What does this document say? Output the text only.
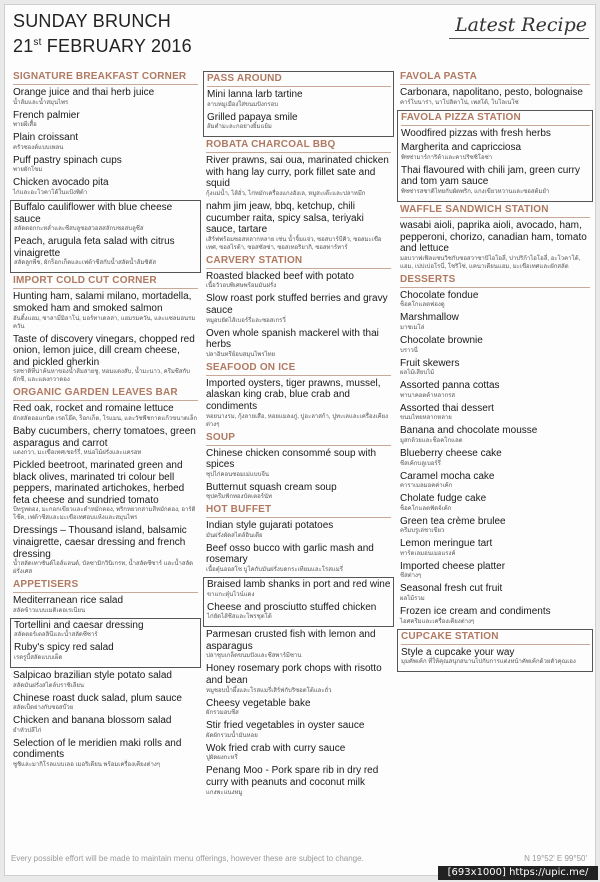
SUNDAY BRUNCH
21st FEBRUARY 2016
Latest Recipe
SIGNATURE BREAKFAST CORNER
Orange juice and thai herb juice
น้ำส้มและน้ำสมุนไพร
French palmier
พายผีเสื้อ
Plain croissant
ครัวซองต์แบบเพลน
Puff pastry spinach cups
พายผักโขม
Chicken avocado pita
ไก่และอะโวคาโด้ในแป้งพิต้า
Buffalo cauliflower with blue cheese sauce
สลัดดอกกะหล่ำและซีสบลูชอสวอสสลักบชอสบลูชีส
Peach, arugula feta salad with citrus vinaigrette
สลัดลูกพีช, ผักร็อกเก็ตและเฟต้าชีสกับน้ำสลัดน้ำส้มซิตัส
IMPORT COLD CUT CORNER
Hunting ham, salami milano, mortadella, smoked ham and smoked salmon
ฮันติ้งแฮม, ซาลามี่มิลาโน่, มอร์ทาเดลล่า, แฮมรมควัน, และแซลมอนรมควัน
Taste of discovery vinegars, chopped red onion, lemon juice, dill cream cheese, and pickled gherkin
รสชาติที่น่าค้นหาของน้ำส้มสายชู, หอมแดงสับ, น้ำมะนาว, ครีมชีสกับผักชี, และแตงกวาดอง
ORGANIC GARDEN LEAVES BAR
Red oak, rocket and romaine lettuce
ผักสลัดออแกนิค เรดโอ๊ค, ร็อกเก็ต, โรแมน, และวัชพืชกาดแก้วขนาดเล็ก
Baby cucumbers, cherry tomatoes, green asparagus and carrot
แตงกวา, มะเขือเทศเชอร์รี่, หน่อไม้ฝรั่งและแครอท
Pickled beetroot, marinated green and black olives, marinated tri colour bell peppers, marinated artichokes, herbed feta cheese and sundried tomato
บีทรูทดอง, มะกอกเขียวและดำหมักดอง, พริกหยวกสามสีหมักดอง, อาร์ติโช๊ค, เฟต้าชีสและมะเขือเทศอบแห้งและสมุนไพร
Dressings – Thousand island, balsamic vinaigrette, caesar dressing and french dressing
น้ำสลัดเทาซันด์ไอส์แลนด์, บัลซามิกวินิเกรท, น้ำสลัดซีซาร์ และน้ำสลัดฝรั่งเศส
APPETISERS
Mediterranean rice salad
สลัดข้าวแบบเมดิเตอเรเนียน
Tortellini and caesar dressing
สลัดตอร์เตลลินีและน้ำสลัดซีซาร์
Ruby's spicy red salad
เรดรูบี้สลัดแบบเผ็ด
Salpicao brazilian style potato salad
สลัดมันฝรั่งสไตล์บราซิเลียน
Chinese roast duck salad, plum sauce
สลัดเป็ดย่างกับซอสบ๊วย
Chicken and banana blossom salad
ยำหัวปลีไก่
Selection of le meridien maki rolls and condiments
ซูชิและมากิโรลแบบเลอ เมอริเดียน พร้อมเครื่องเคียงต่างๆ
PASS AROUND
Mini lanna larb tartine
ลาบหมูเมืองใส่ขนมปังกรอบ
Grilled papaya smile
ส้มตำมะละกอย่างยิ้มแย้ม
ROBATA CHARCOAL BBQ
River prawns, sai oua, marinated chicken with hang lay curry, pork fillet sate and squid
กุ้งแม่น้ำ, ไส้อั่ว, ไก่หมักเครื่องแกงฮังเล, หมูสะเต๊ะและปลาหมึก
nahm jim jeaw, bbq, ketchup, chili cucumber raita, spicy salsa, teriyaki sauce, tartare
เสิร์ฟพร้อมซอสหลากหลาย เช่น น้ำจิ้มแจ่ว, ซอสบาร์บีคิว, ซอสมะเขือเทศ, ซอสไรต้า, ซอสซัลซ่า, ซอสเทอริยากิ, ซอสทาร์ทาร์
CARVERY STATION
Roasted blacked beef with potato
เนื้อวัวอบพิเศษพร้อมมันฝรั่ง
Slow roast pork stuffed berries and gravy sauce
หมูอบยัดไส้เบอร์รี่และซอสเกรวี่
Oven whole spanish mackerel with thai herbs
ปลาอินทรีย์อบสมุนไพรไทย
SEAFOOD ON ICE
Imported oysters, tiger prawns, mussel, alaskan king crab, blue crab and condiments
หอยนางรม, กุ้งลายเสือ, หอยแมลงภู่, ปูอะลาสก้า, ปูทะเลและเครื่องเคียงต่างๆ
SOUP
Chinese chicken consommé soup with spices
ซุปไก่คอนซอมเม่แบบจีน
Butternut squash cream soup
ซุปครีมฟักทองบัตเตอร์นัท
HOT BUFFET
Indian style gujarati potatoes
มันฝรั่งผัดสไตล์อินเดีย
Beef osso bucco with garlic mash and rosemary
เนื้อตุ๋นออสโซ บูโคกับมันฝรั่งบดกระเทียมและโรสแมรี่
Braised lamb shanks in port and red wine
ขาแกะตุ๋นไวน์แดง
Cheese and prosciutto stuffed chicken
ไก่ยัดไส้ชีสและโพรชุตโต้
Parmesan crusted fish with lemon and asparagus
ปลาชุบเกล็ดขนมปังและชีสพาร์มีซาน
Honey rosemary pork chops with risotto and bean
หมูชอบน้ำผึ้งและโรสแมรี่เสิร์ฟกับริซอตโต้และถั่ว
Cheesy vegetable bake
ผักรวมอบชีส
Stir fried vegetables in oyster sauce
ผัดผักรวมน้ำมันหอย
Wok fried crab with curry sauce
ปูผัดผงกะหรี่
Penang Moo - Pork spare rib in dry red curry with peanuts and coconut milk
แกงพะแนงหมู
FAVOLA PASTA
Carbonara, napolitano, pesto, bolognaise
คาร์โบนาร่า, นาโปลิตาโน่, เพสโต้, โบโลเนโซ่
FAVOLA PIZZA STATION
Woodfired pizzas with fresh herbs
Margherita and capricciosa
พิซซ่ามาร์การิต้าและคาปริซซิโอซ่า
Thai flavoured with chili jam, green curry and tom yam sauce
พิซซ่ารสชาติไทยกับผัดพริก, แกงเขียวหวานและซอสต้มยำ
WAFFLE SANDWICH STATION
wasabi aioli, paprika aioli, avocado, ham, pepperoni, chorizo, canadian ham, tomato and lettuce
มอบวาฟเฟิลแซนวิชกับซอสวาซาบิไอโอลี่, ปาปริก้าไอโอลี่, อะโวคาโด้, แฮม, เปปเปอโรนี่, โชริโซ่, แคนาเดียนแฮม, มะเขือเทศและผักสลัด
DESSERTS
Chocolate fondue
ช็อคโกแลตฟองดู
Marshmallow
มาชเมโล่
Chocolate brownie
บราวนี่
Fruit skewers
ผลไม้เสียบไม้
Assorted panna cottas
พานาคอตต้าหลากรส
Assorted thai dessert
ขนมไทยหลากหลาย
Banana and chocolate mousse
มูสกล้วยและช็อคโกแลต
Blueberry cheese cake
ชีสเค้กบลูเบอร์รี่
Caramel mocha cake
คาราเมลมอคค่าเค้ก
Cholate fudge cake
ช็อคโกแลตฟัดจ์เค้ก
Green tea crème brulee
ครีมบรูเล่ชาเขียว
Lemon meringue tart
ทาร์ตเลมอนเมอแรงค์
Imported cheese platter
ชีสต่างๆ
Seasonal fresh cut fruit
ผลไม้รวม
Frozen ice cream and condiments
ไอศครีมและเครื่องเคียงต่างๆ
CUPCAKE STATION
Style a cupcake your way
มุมคัพเค้ก ที่ให้คุณสนุกสนานไปกับการแต่งหน้าคัพเค้กด้วยตัวคุณเอง
Every possible effort will be made to maintain menu offerings, however these are subject to change.	N 19°52' E 99°50'
[693x1000] https://upic.me/
